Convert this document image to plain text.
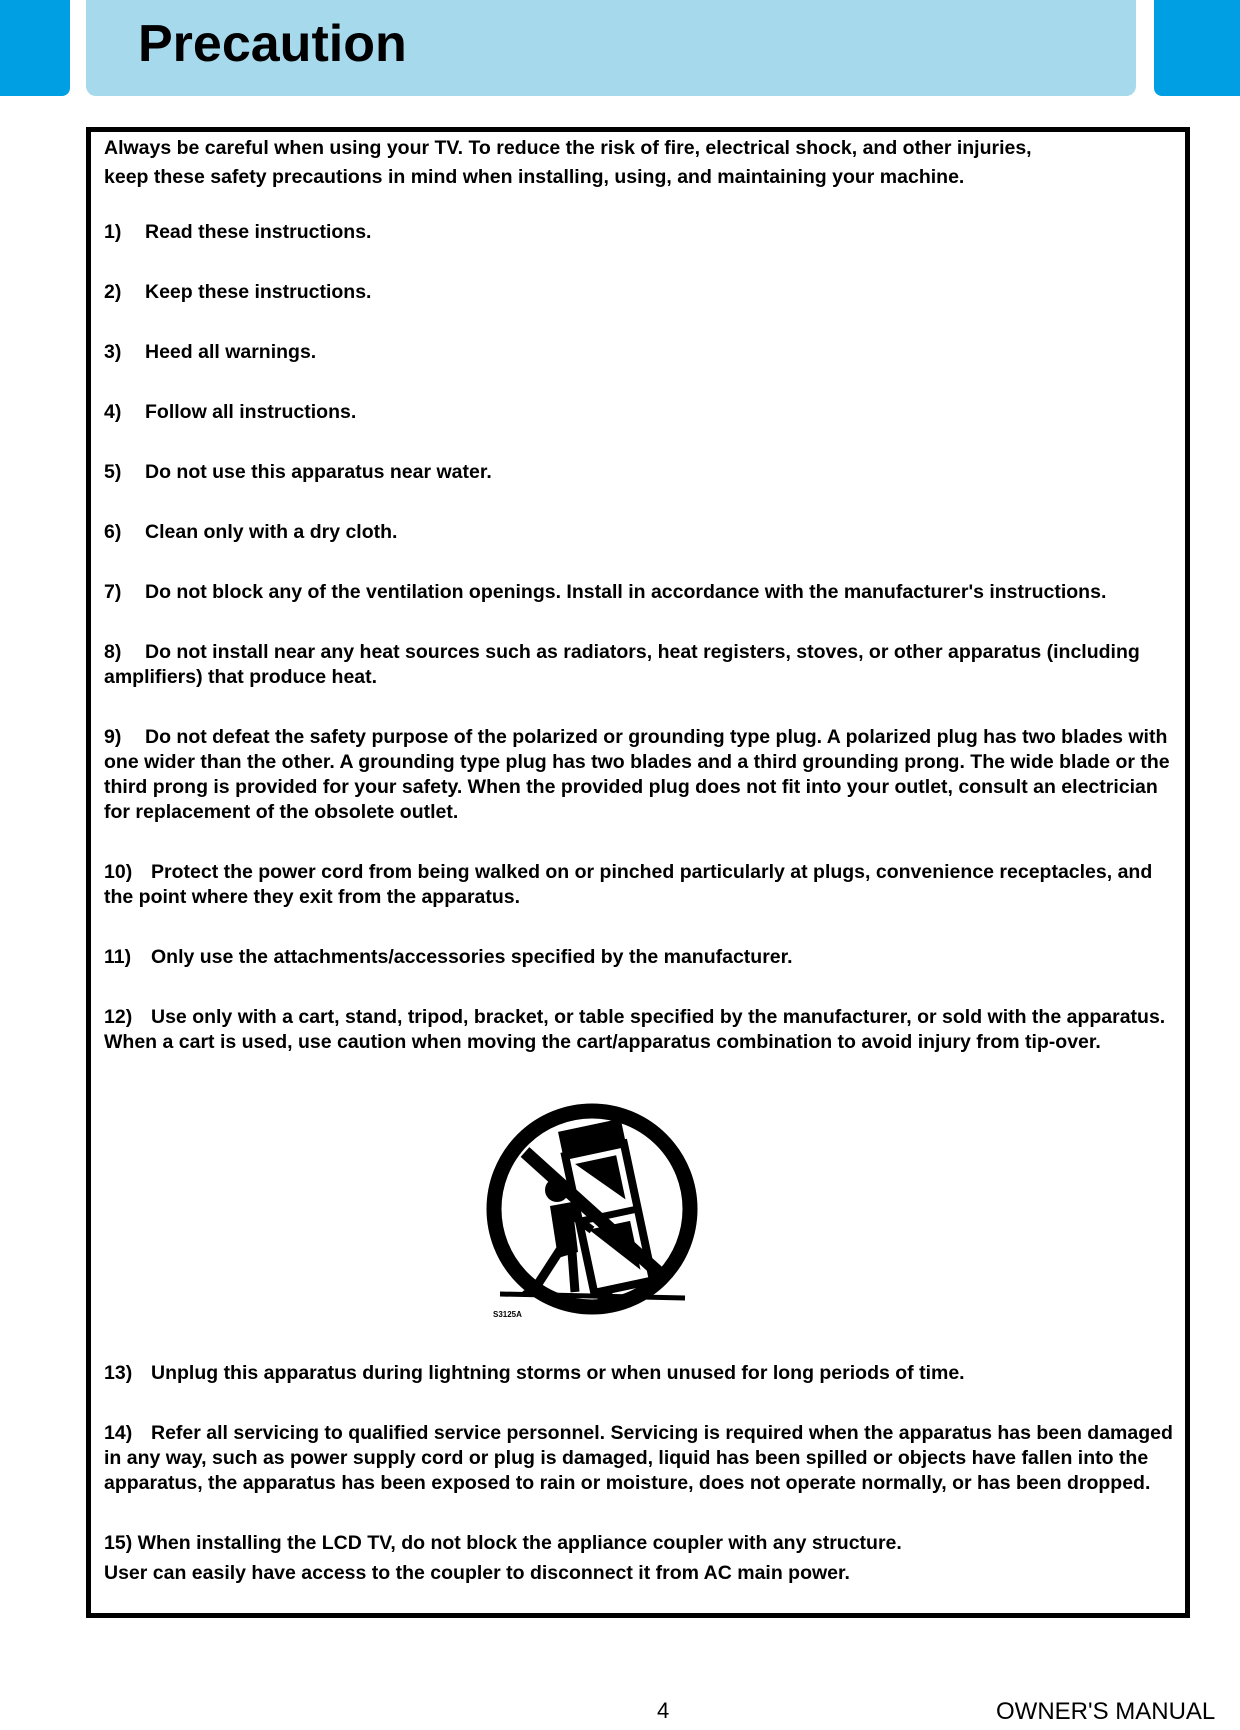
Precaution

Always be careful when using your TV. To reduce the risk of fire, electrical shock, and other injuries,

keep these safety precautions in mind when installing, using, and maintaining your machine.

1) Read these instructions.

2) Keep these instructions.

3) Heed all warnings.

4) Follow all instructions.

5) Do not use this apparatus near water.

6) Clean only with a dry cloth.

7) Do not block any of the ventilation openings. Install in accordance with the manufacturer's instructions.

8) Do not install near any heat sources such as radiators, heat registers, stoves, or other apparatus (including amplifiers) that produce heat.

9) Do not defeat the safety purpose of the polarized or grounding type plug. A polarized plug has two blades with one wider than the other. A grounding type plug has two blades and a third grounding prong. The wide blade or the third prong is provided for your safety. When the provided plug does not fit into your outlet, consult an electrician for replacement of the obsolete outlet.

10) Protect the power cord from being walked on or pinched particularly at plugs, convenience receptacles, and the point where they exit from the apparatus.

11) Only use the attachments/accessories specified by the manufacturer.

12) Use only with a cart, stand, tripod, bracket, or table specified by the manufacturer, or sold with the apparatus. When a cart is used, use caution when moving the cart/apparatus combination to avoid injury from tip-over.

13) Unplug this apparatus during lightning storms or when unused for long periods of time.

14) Refer all servicing to qualified service personnel. Servicing is required when the apparatus has been damaged in any way, such as power supply cord or plug is damaged, liquid has been spilled or objects have fallen into the apparatus, the apparatus has been exposed to rain or moisture, does not operate normally, or has been dropped.

15) When installing the LCD TV, do not block the appliance coupler with any structure.

User can easily have access to the coupler to disconnect it from AC main power.

S3125A
4	OWNER'S MANUAL
